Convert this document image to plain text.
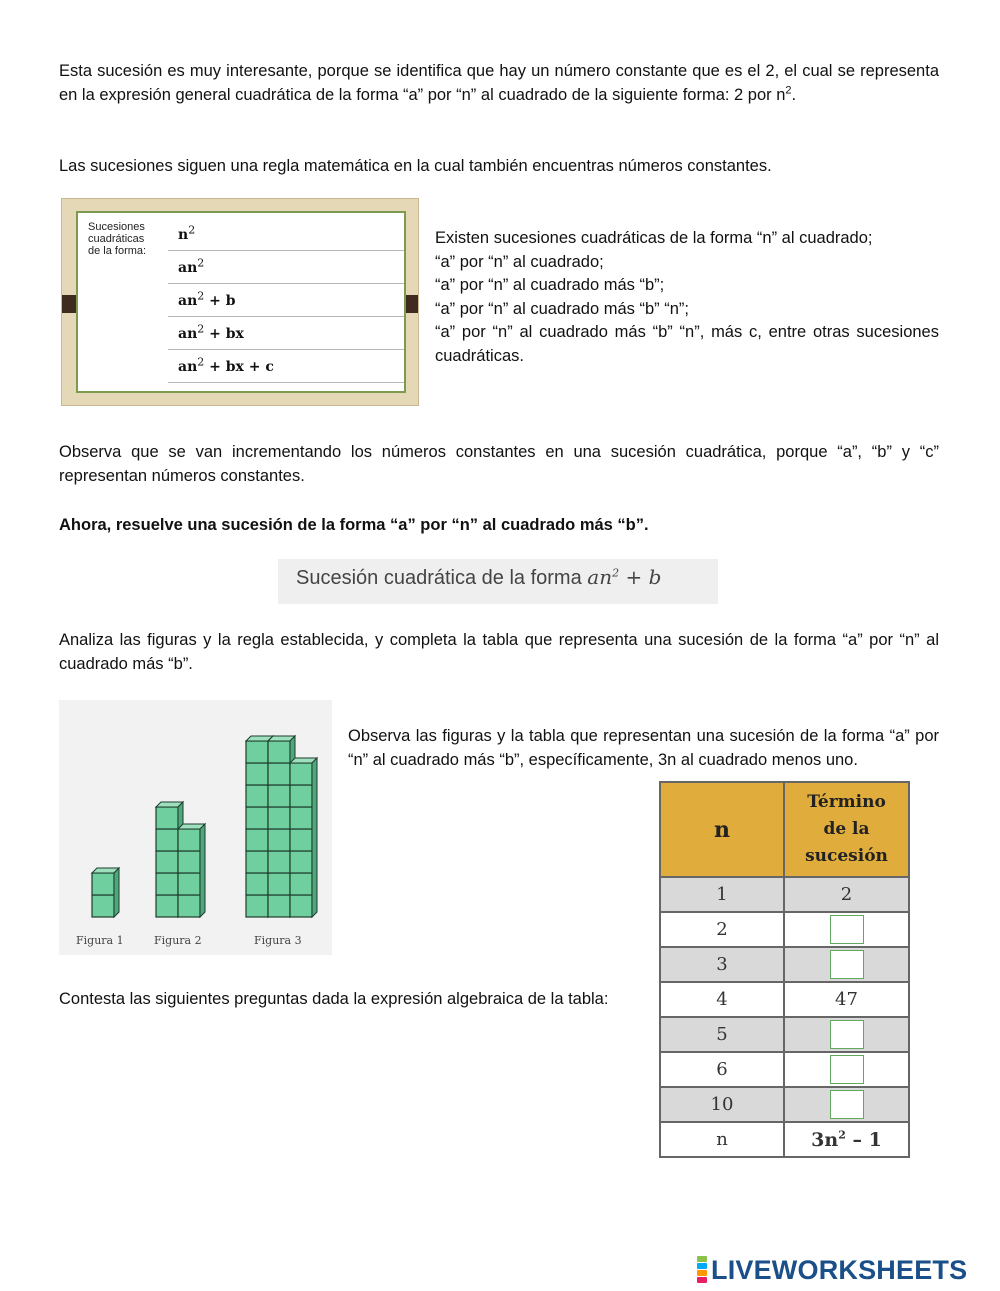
Esta sucesión es muy interesante, porque se identifica que hay un número constante que es el 2, el cual se representa en la expresión general cuadrática de la forma “a” por “n” al cuadrado de la siguiente forma: 2 por $n^2$.

Las sucesiones siguen una regla matemática en la cual también encuentras números constantes.

Sucesiones
cuadráticas
de la forma:
$n^2$
$an^2$
$an^2 + b$
$an^2$ + bx
$an^2$ + bx + c

Existen sucesiones cuadráticas de la forma “n” al cuadrado;
“a” por “n” al cuadrado;
“a” por “n” al cuadrado más “b”;
“a” por “n” al cuadrado más “b” “n”;
“a” por “n” al cuadrado más “b” “n”, más c, entre otras sucesiones cuadráticas.

Observa que se van incrementando los números constantes en una sucesión cuadrática, porque “a”, “b” y “c” representan números constantes.

Ahora, resuelve una sucesión de la forma “a” por “n” al cuadrado más “b”.

Sucesión cuadrática de la forma $an^2 + b$

Analiza las figuras y la regla establecida, y completa la tabla que representa una sucesión de la forma “a” por “n” al cuadrado más “b”.

Figura 1	Figura 2	Figura 3

Observa las figuras y la tabla que representan una sucesión de la forma “a” por “n” al cuadrado más “b”, específicamente, 3n al cuadrado menos uno.

n	Término
de la
sucesión
1	2
2	
3	
4	47
5	
6	
10	
n	$3n^2 - 1$

Contesta las siguientes preguntas dada la expresión algebraica de la tabla:

LIVEWORKSHEETS
